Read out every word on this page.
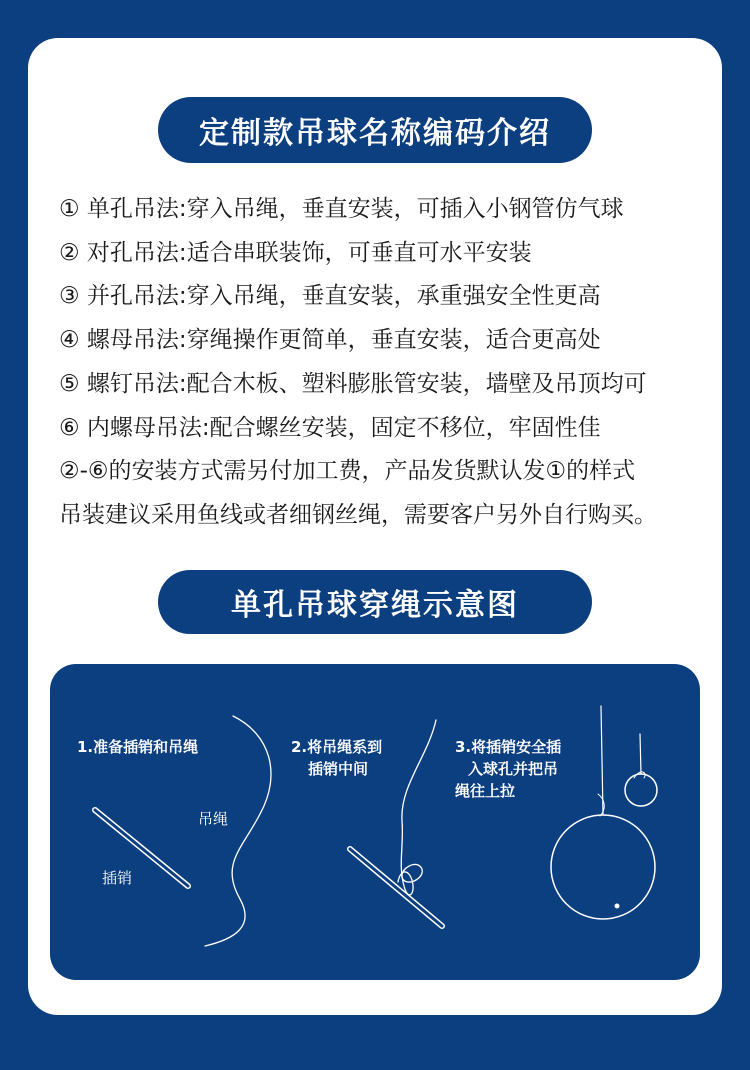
定制款吊球名称编码介绍
① 单孔吊法:穿入吊绳，垂直安装，可插入小钢管仿气球
② 对孔吊法:适合串联装饰，可垂直可水平安装
③ 并孔吊法:穿入吊绳，垂直安装，承重强安全性更高
④ 螺母吊法:穿绳操作更简单，垂直安装，适合更高处
⑤ 螺钉吊法:配合木板、塑料膨胀管安装，墙壁及吊顶均可
⑥ 内螺母吊法:配合螺丝安装，固定不移位，牢固性佳
②-⑥的安装方式需另付加工费，产品发货默认发①的样式
吊装建议采用鱼线或者细钢丝绳，需要客户另外自行购买。
单孔吊球穿绳示意图
1.准备插销和吊绳	2.将吊绳系到
插销中间
3.将插销安全插
入球孔并把吊
绳往上拉
吊绳
插销
